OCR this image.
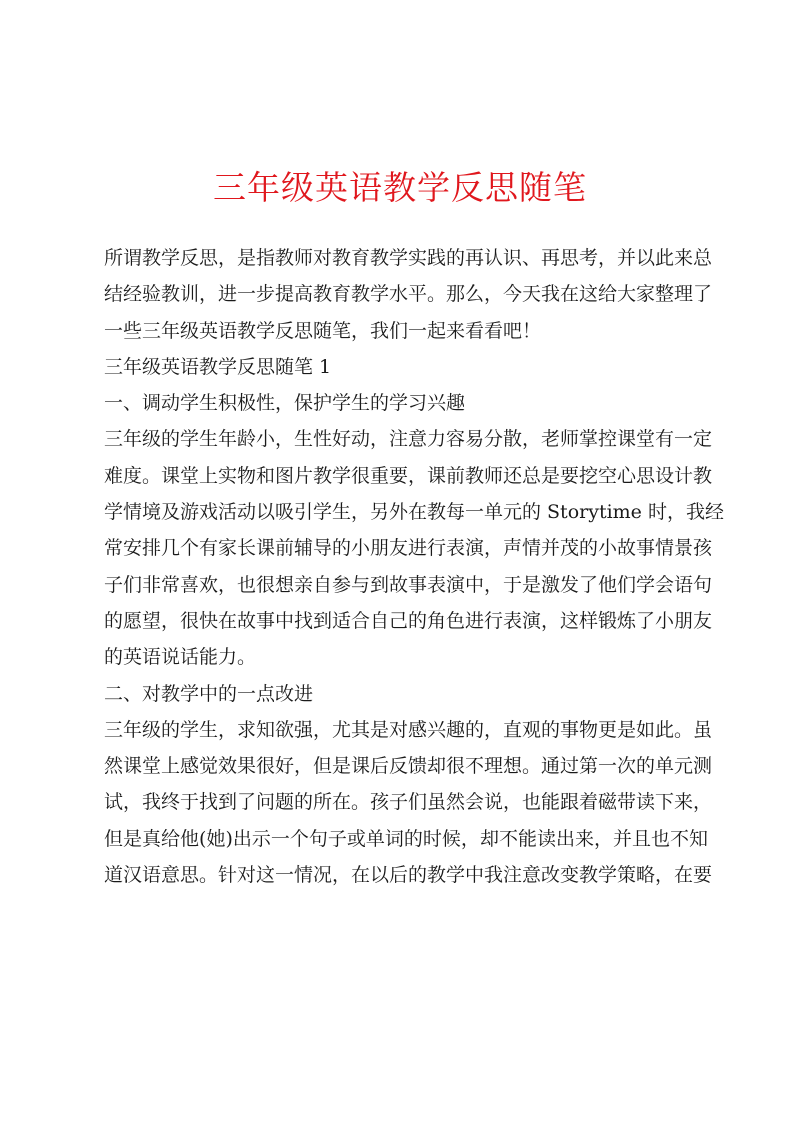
三年级英语教学反思随笔
所谓教学反思，是指教师对教育教学实践的再认识、再思考，并以此来总
结经验教训，进一步提高教育教学水平。那么，今天我在这给大家整理了
一些三年级英语教学反思随笔，我们一起来看看吧！
三年级英语教学反思随笔 1
一、调动学生积极性，保护学生的学习兴趣
三年级的学生年龄小，生性好动，注意力容易分散，老师掌控课堂有一定
难度。课堂上实物和图片教学很重要，课前教师还总是要挖空心思设计教
学情境及游戏活动以吸引学生，另外在教每一单元的 Storytime 时，我经
常安排几个有家长课前辅导的小朋友进行表演，声情并茂的小故事情景孩
子们非常喜欢，也很想亲自参与到故事表演中，于是激发了他们学会语句
的愿望，很快在故事中找到适合自己的角色进行表演，这样锻炼了小朋友
的英语说话能力。
二、对教学中的一点改进
三年级的学生，求知欲强，尤其是对感兴趣的，直观的事物更是如此。虽
然课堂上感觉效果很好，但是课后反馈却很不理想。通过第一次的单元测
试，我终于找到了问题的所在。孩子们虽然会说，也能跟着磁带读下来，
但是真给他(她)出示一个句子或单词的时候，却不能读出来，并且也不知
道汉语意思。针对这一情况，在以后的教学中我注意改变教学策略，在要
